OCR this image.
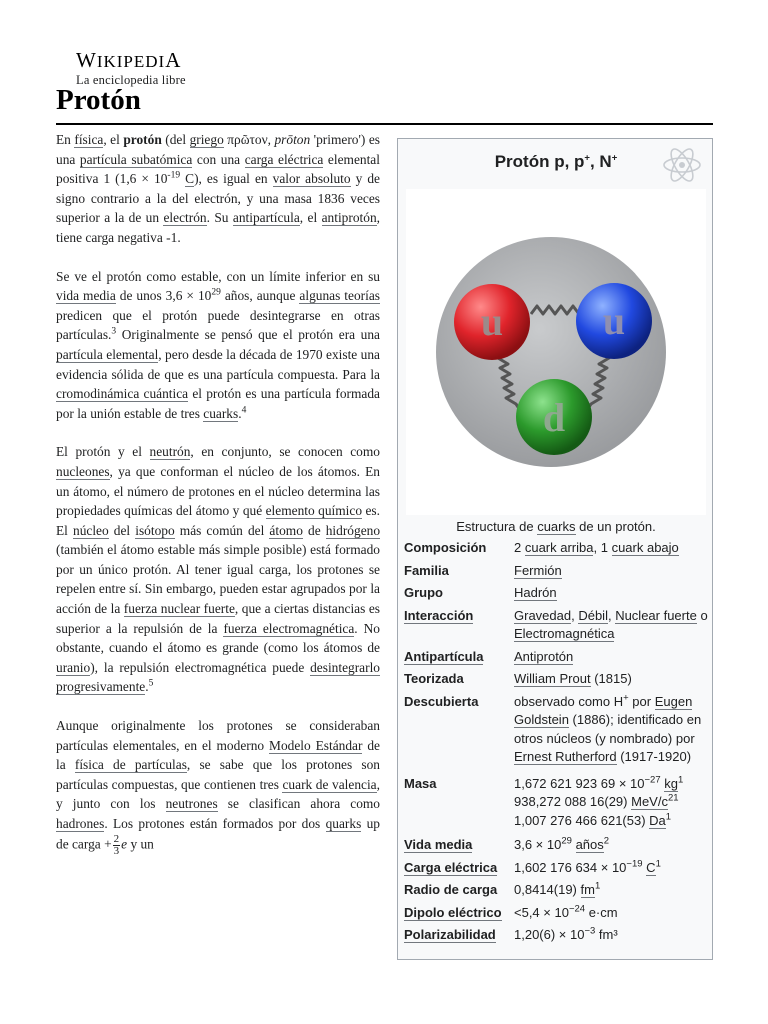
WIKIPEDIA
La enciclopedia libre
Protón

En física, el protón (del griego πρῶτον, prōton 'primero') es una partícula subatómica con una carga eléctrica elemental positiva 1 ($1,6 \times 10^{-19}$ C), es igual en valor absoluto y de signo contrario a la del electrón, y una masa 1836 veces superior a la de un electrón. Su antipartícula, el antiprotón, tiene carga negativa -1.

Se ve el protón como estable, con un límite inferior en su vida media de unos $3,6 \times 10^{29}$ años, aunque algunas teorías predicen que el protón puede desintegrarse en otras partículas.$^3$ Originalmente se pensó que el protón era una partícula elemental, pero desde la década de 1970 existe una evidencia sólida de que es una partícula compuesta. Para la cromodinámica cuántica el protón es una partícula formada por la unión estable de tres cuarks.$^4$

El protón y el neutrón, en conjunto, se conocen como nucleones, ya que conforman el núcleo de los átomos. En un átomo, el número de protones en el núcleo determina las propiedades químicas del átomo y qué elemento químico es. El núcleo del isótopo más común del átomo de hidrógeno (también el átomo estable más simple posible) está formado por un único protón. Al tener igual carga, los protones se repelen entre sí. Sin embargo, pueden estar agrupados por la acción de la fuerza nuclear fuerte, que a ciertas distancias es superior a la repulsión de la fuerza electromagnética. No obstante, cuando el átomo es grande (como los átomos de uranio), la repulsión electromagnética puede desintegrarlo progresivamente.$^5$

Aunque originalmente los protones se consideraban partículas elementales, en el moderno Modelo Estándar de la física de partículas, se sabe que los protones son partículas compuestas, que contienen tres cuark de valencia, y junto con los neutrones se clasifican ahora como hadrones. Los protones están formados por dos quarks up de carga + $\frac{2}{3}$ e y un

Protón p, p+, N+
u u
d
Estructura de cuarks de un protón.
Composición	2 cuark arriba, 1 cuark abajo
Familia	Fermión
Grupo	Hadrón
Interacción	Gravedad, Débil, Nuclear fuerte o Electromagnética
Antipartícula	Antiprotón
Teorizada	William Prout (1815)
Descubierta	observado como H+ por Eugen Goldstein (1886); identificado en otros núcleos (y nombrado) por Ernest Rutherford (1917-1920)
Masa	1,672 621 923 $69 \times 10^{-27}$ $kg^1$
938,272 088 16(29) MeV/$c^{21}$
1,007 276 466 621(53) Da$^1$
Vida media	$3,6 \times 10^{29}$ años$^2$
Carga eléctrica	1,602 176 $634 \times 10^{-19}$ $C^1$
Radio de carga	0,8414(19) $fm^1$
Dipolo eléctrico $<5,4 \times 10^{-24}$ e·cm
Polarizabilidad	$1,20(6) \times 10^{-3}$ fm³
